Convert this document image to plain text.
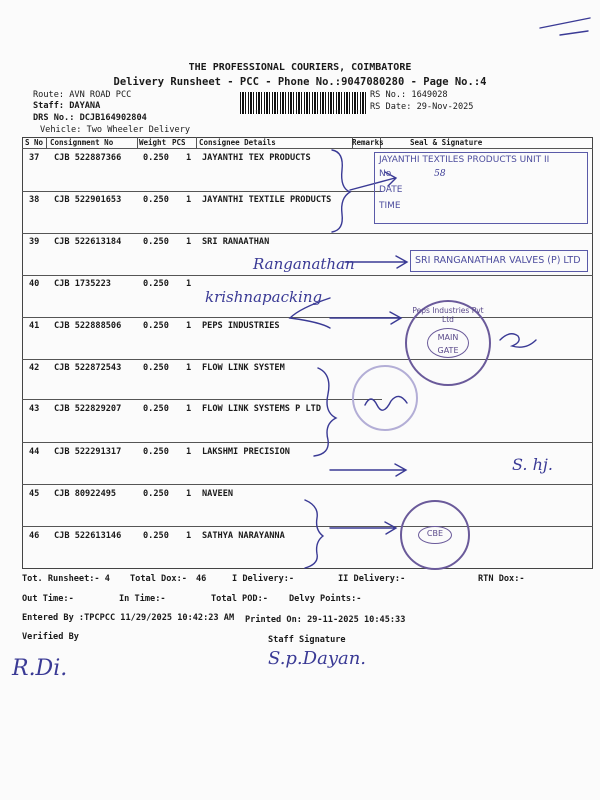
THE PROFESSIONAL COURIERS, COIMBATORE
Delivery Runsheet - PCC - Phone No.:9047080280 - Page No.:4
Route: AVN ROAD PCC
Staff: DAYANA
DRS No.: DCJB164902804
Vehicle: Two Wheeler Delivery
RS No.: 1649028
RS Date: 29-Nov-2025
S No Consignment No	Weight PCS Consignee Details	Remarks	Seal & Signature
37 CJB 522887366	0.250 1 JAYANTHI TEX PRODUCTS
38 CJB 522901653	0.250 1 JAYANTHI TEXTILE PRODUCTS
39 CJB 522613184	0.250 1 SRI RANAATHAN
40 CJB 1735223	0.250 1
41 CJB 522888506	0.250 1 PEPS INDUSTRIES
42 CJB 522872543	0.250 1 FLOW LINK SYSTEM
43 CJB 522829207	0.250 1 FLOW LINK SYSTEMS P LTD
44 CJB 522291317	0.250 1 LAKSHMI PRECISION
45 CJB 80922495	0.250 1 NAVEEN
46 CJB 522613146	0.250 1 SATHYA NARAYANNA
JAYANTHI TEXTILES PRODUCTS UNIT II
No	58
DATE
TIME
Ranganathan	SRI RANGANATHAR VALVES (P) LTD
krishnapacking
Peps Industries Pvt Ltd
MAIN GATE
S. hj.
CBE
Tot. Runsheet:- 4 Total Dox:- 46	I Delivery:-	II Delivery:-	RTN Dox:-
Out Time:-	In Time:-	Total POD:- Delvy Points:-
Entered By :TPCPCC 11/29/2025 10:42:23 AM Printed On: 29-11-2025 10:45:33
Verified By	Staff Signature
R.Di.	S.p.Dayan.
